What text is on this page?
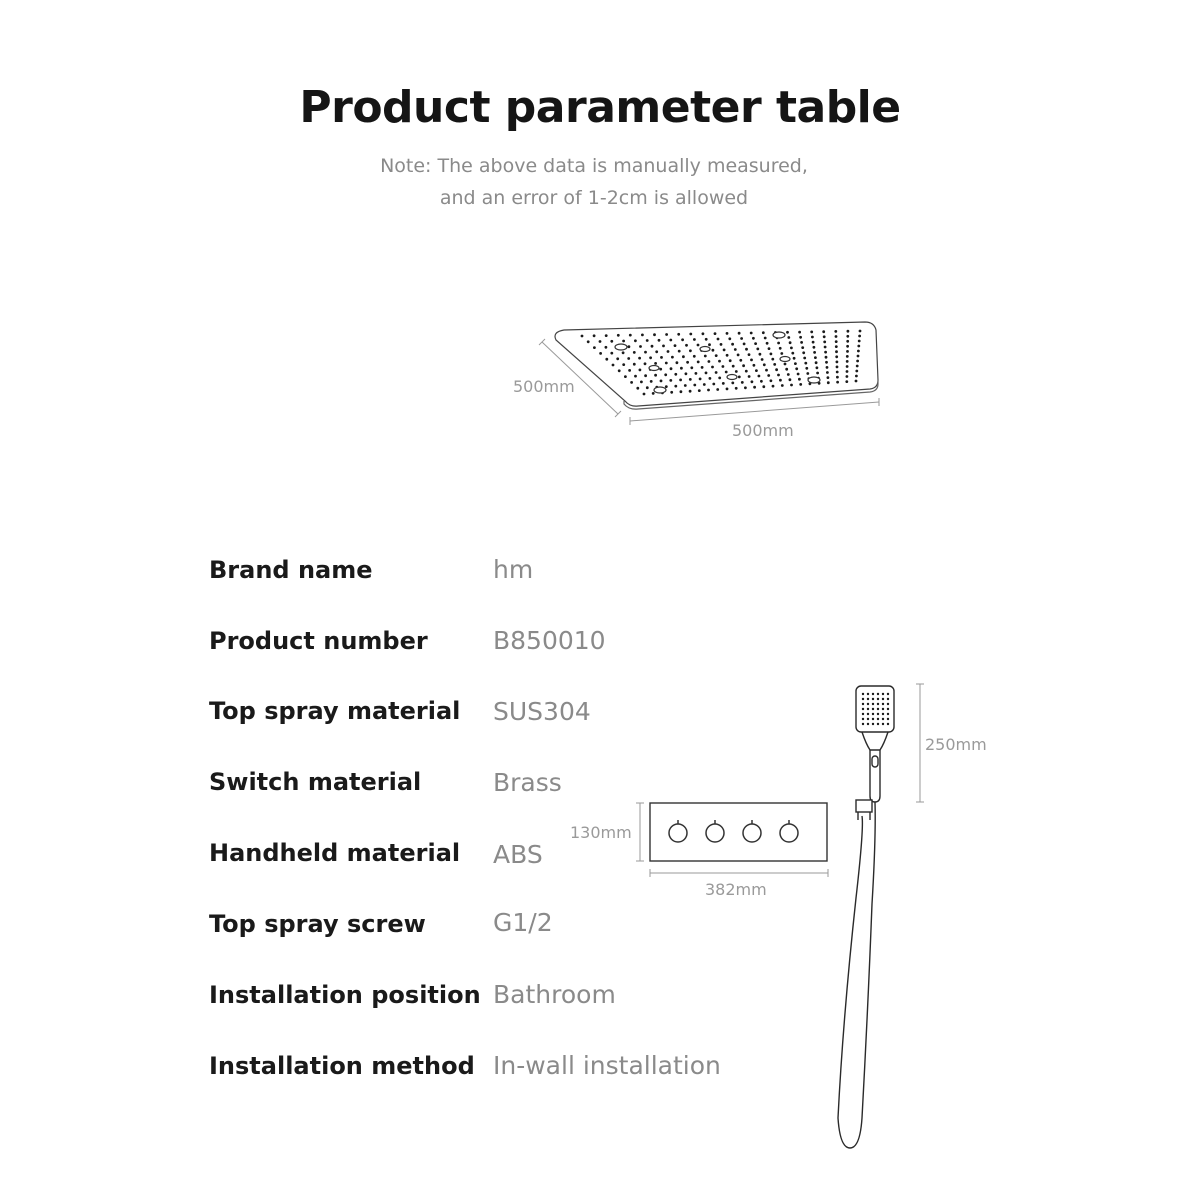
Product parameter table

Note: The above data is manually measured,

and an error of 1-2cm is allowed

500mm
500mm
Brand name	hm
Product number	B850010
Top spray material SUS304
Switch material	Brass
Handheld material ABS
Top spray screw	G1/2
Installation position Bathroom
Installation method In-wall installation
130mm
382mm
250mm
